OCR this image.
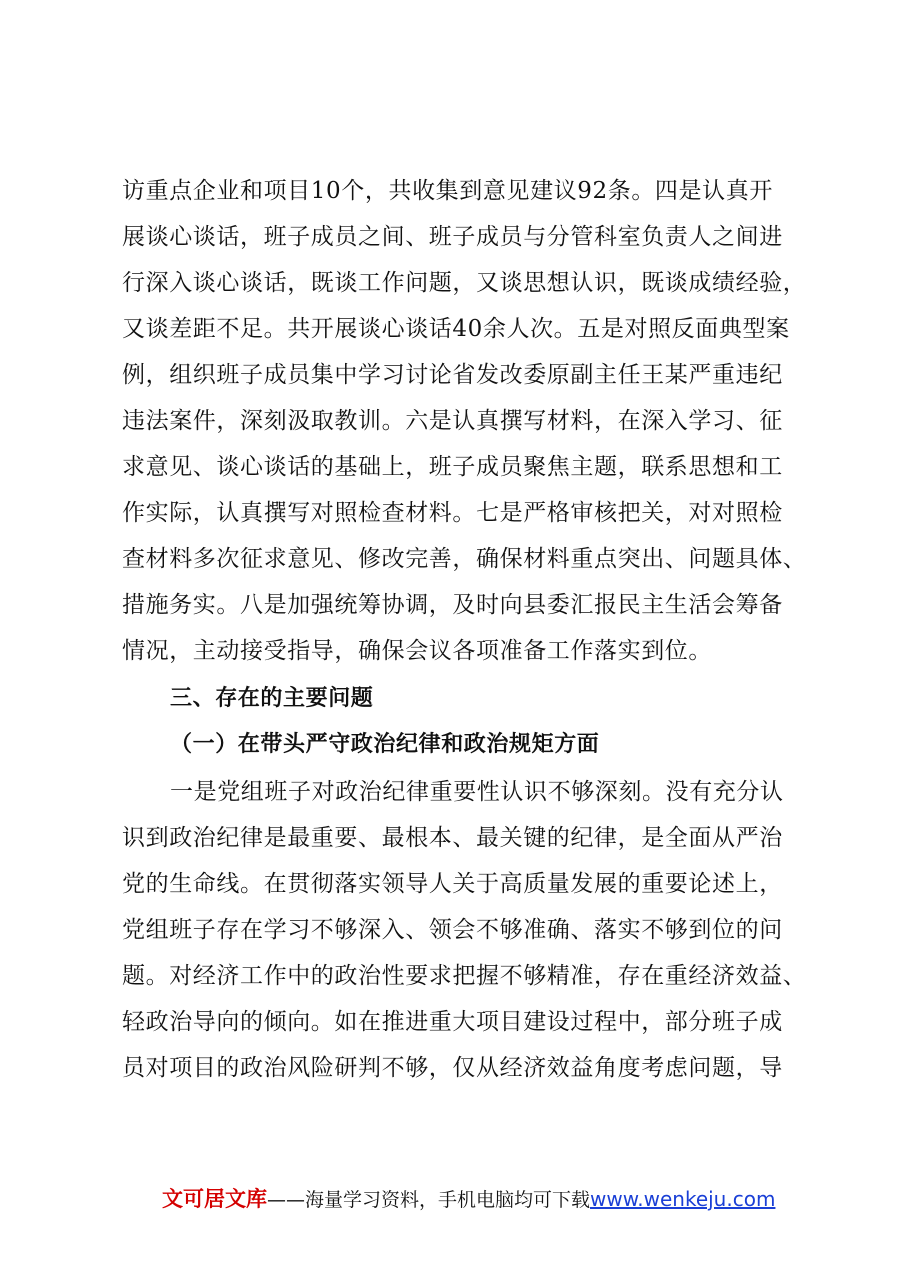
访重点企业和项目10个，共收集到意见建议92条。四是认真开
展谈心谈话，班子成员之间、班子成员与分管科室负责人之间进
行深入谈心谈话，既谈工作问题，又谈思想认识，既谈成绩经验，
又谈差距不足。共开展谈心谈话40余人次。五是对照反面典型案
例，组织班子成员集中学习讨论省发改委原副主任王某严重违纪
违法案件，深刻汲取教训。六是认真撰写材料，在深入学习、征
求意见、谈心谈话的基础上，班子成员聚焦主题，联系思想和工
作实际，认真撰写对照检查材料。七是严格审核把关，对对照检
查材料多次征求意见、修改完善，确保材料重点突出、问题具体、
措施务实。八是加强统筹协调，及时向县委汇报民主生活会筹备
情况，主动接受指导，确保会议各项准备工作落实到位。
三、存在的主要问题
（一）在带头严守政治纪律和政治规矩方面
一是党组班子对政治纪律重要性认识不够深刻。没有充分认
识到政治纪律是最重要、最根本、最关键的纪律，是全面从严治
党的生命线。在贯彻落实领导人关于高质量发展的重要论述上，
党组班子存在学习不够深入、领会不够准确、落实不够到位的问
题。对经济工作中的政治性要求把握不够精准，存在重经济效益、
轻政治导向的倾向。如在推进重大项目建设过程中，部分班子成
员对项目的政治风险研判不够，仅从经济效益角度考虑问题，导
文可居文库——海量学习资料，手机电脑均可下载www.wenkeju.com
